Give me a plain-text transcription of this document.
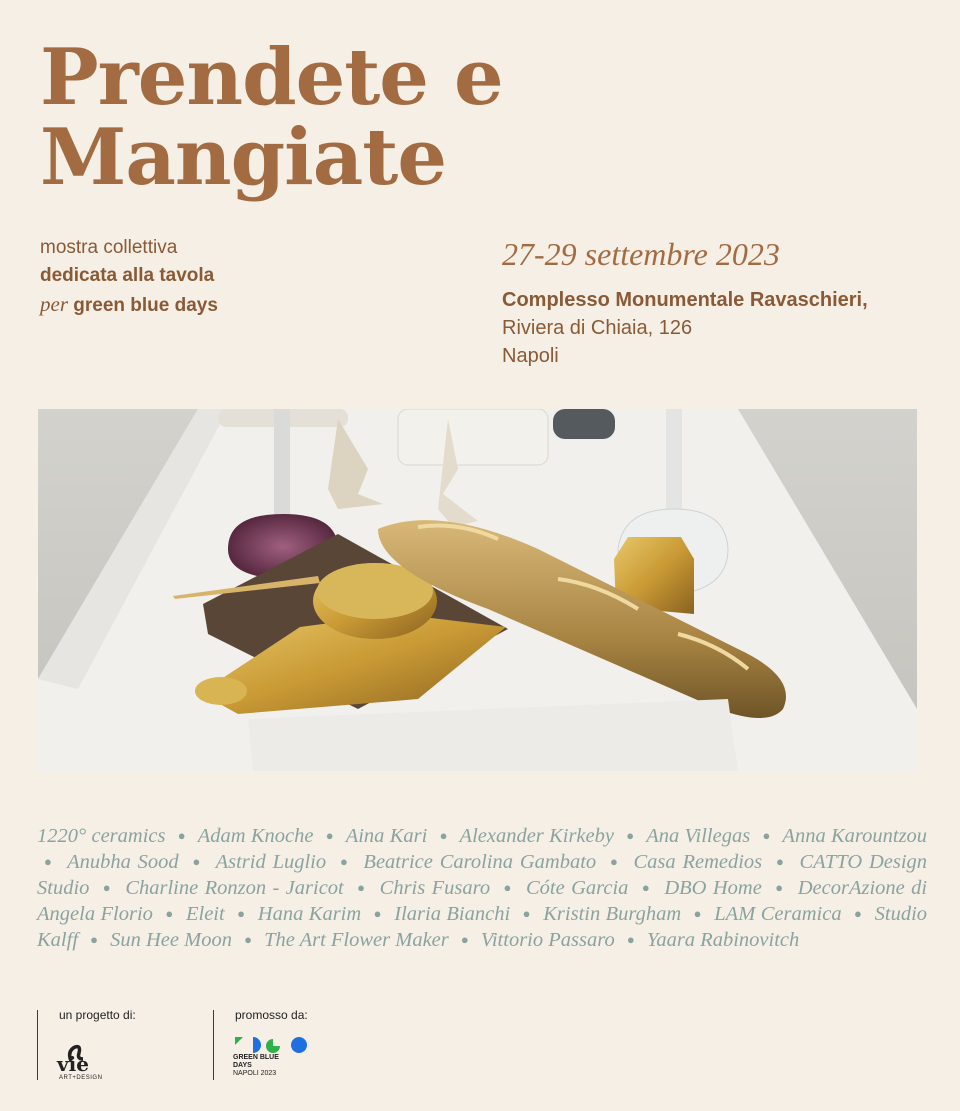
Prendete e
Mangiate
mostra collettiva
dedicata alla tavola
per green blue days
27-29 settembre 2023
Complesso Monumentale Ravaschieri,
Riviera di Chiaia, 126
Napoli
1220° ceramics ● Adam Knoche ● Aina Kari ● Alexander Kirkeby ● Ana Villegas ● Anna Karountzou ● Anubha Sood ● Astrid Luglio ● Beatrice Carolina Gambato ● Casa Remedios ● CATTO Design Studio ● Charline Ronzon - Jaricot ● Chris Fusaro ● Cóte Garcia ● DBO Home ● DecorAzione di Angela Florio ● Eleit ● Hana Karim ● Ilaria Bianchi ● Kristin Burgham ● LAM Ceramica ● Studio Kalff ● Sun Hee Moon ● The Art Flower Maker ● Vittorio Passaro ● Yaara Rabinovitch
un progetto di:
vie
ART+DESIGN
promosso da:
GREEN BLUE
DAYS
NAPOLI 2023
